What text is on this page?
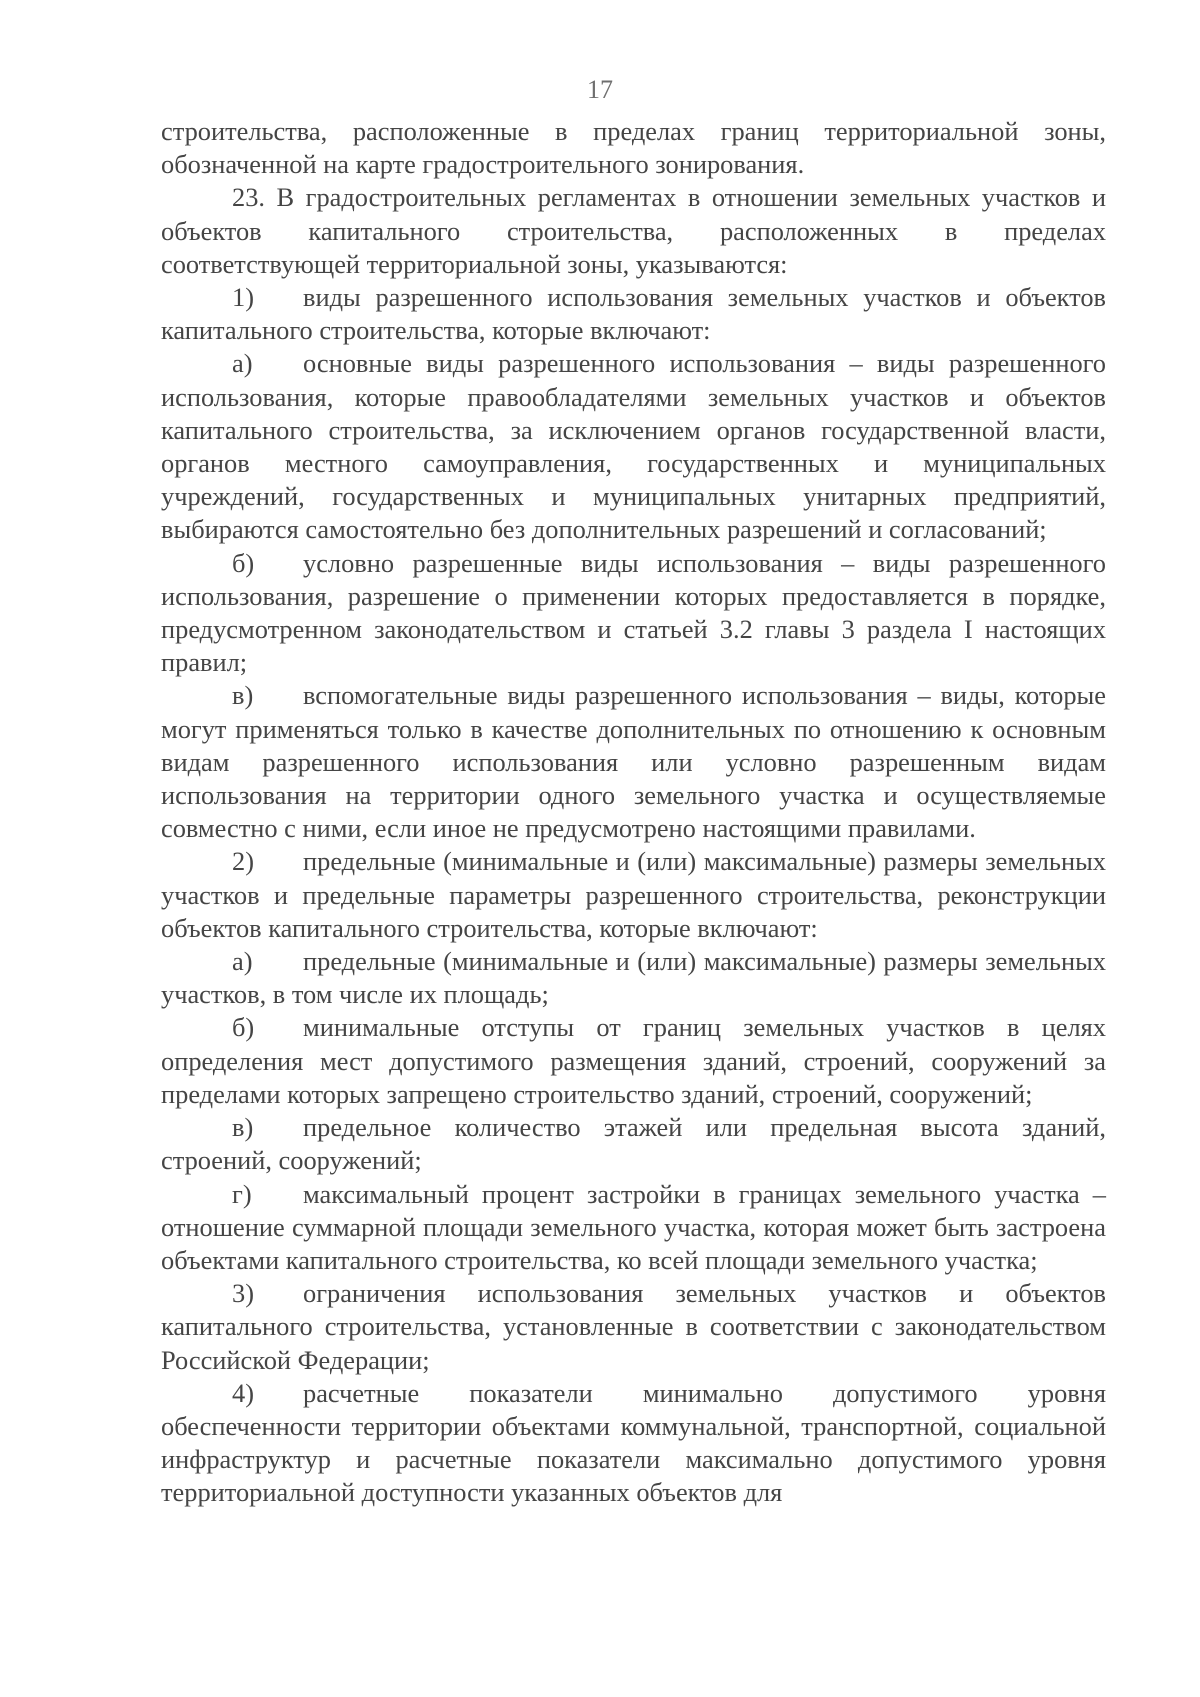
17

строительства, расположенные в пределах границ территориальной зоны, обозначенной на карте градостроительного зонирования.

23. В градостроительных регламентах в отношении земельных участков и объектов капитального строительства, расположенных в пределах соответствующей территориальной зоны, указываются:

1) виды разрешенного использования земельных участков и объектов капитального строительства, которые включают:

а) основные виды разрешенного использования – виды разрешенного использования, которые правообладателями земельных участков и объектов капитального строительства, за исключением органов государственной власти, органов местного самоуправления, государственных и муниципальных учреждений, государственных и муниципальных унитарных предприятий, выбираются самостоятельно без дополнительных разрешений и согласований;

б) условно разрешенные виды использования – виды разрешенного использования, разрешение о применении которых предоставляется в порядке, предусмотренном законодательством и статьей 3.2 главы 3 раздела I настоящих правил;

в) вспомогательные виды разрешенного использования – виды, которые могут применяться только в качестве дополнительных по отношению к основным видам разрешенного использования или условно разрешенным видам использования на территории одного земельного участка и осуществляемые совместно с ними, если иное не предусмотрено настоящими правилами.

2) предельные (минимальные и (или) максимальные) размеры земельных участков и предельные параметры разрешенного строительства, реконструкции объектов капитального строительства, которые включают:

а) предельные (минимальные и (или) максимальные) размеры земельных участков, в том числе их площадь;

б) минимальные отступы от границ земельных участков в целях определения мест допустимого размещения зданий, строений, сооружений за пределами которых запрещено строительство зданий, строений, сооружений;

в) предельное количество этажей или предельная высота зданий, строений, сооружений;

г) максимальный процент застройки в границах земельного участка – отношение суммарной площади земельного участка, которая может быть застроена объектами капитального строительства, ко всей площади земельного участка;

3) ограничения использования земельных участков и объектов капитального строительства, установленные в соответствии с законодательством Российской Федерации;

4) расчетные показатели минимально допустимого уровня обеспеченности территории объектами коммунальной, транспортной, социальной инфраструктур и расчетные показатели максимально допустимого уровня территориальной доступности указанных объектов для
